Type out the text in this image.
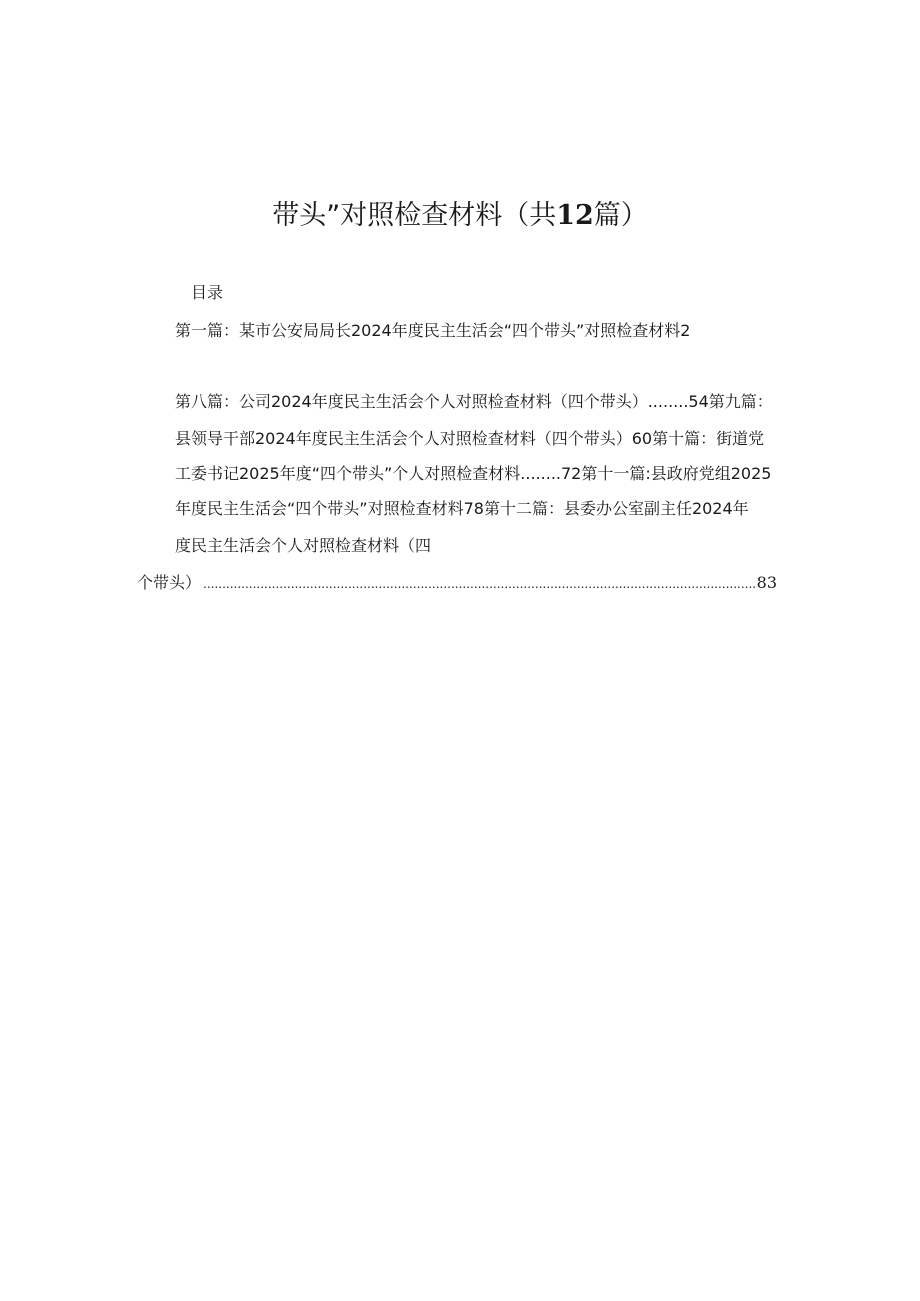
带头”对照检查材料（共12篇）
目录
第一篇：某市公安局局长2024年度民主生活会“四个带头”对照检查材料2
第八篇：公司2024年度民主生活会个人对照检查材料（四个带头）........54第九篇：
县领导干部2024年度民主生活会个人对照检查材料（四个带头）60第十篇：街道党
工委书记2025年度“四个带头”个人对照检查材料........72第十一篇:县政府党组2025
年度民主生活会“四个带头”对照检查材料78第十二篇：县委办公室副主任2024年
度民主生活会个人对照检查材料（四
个带头）
.....	83
